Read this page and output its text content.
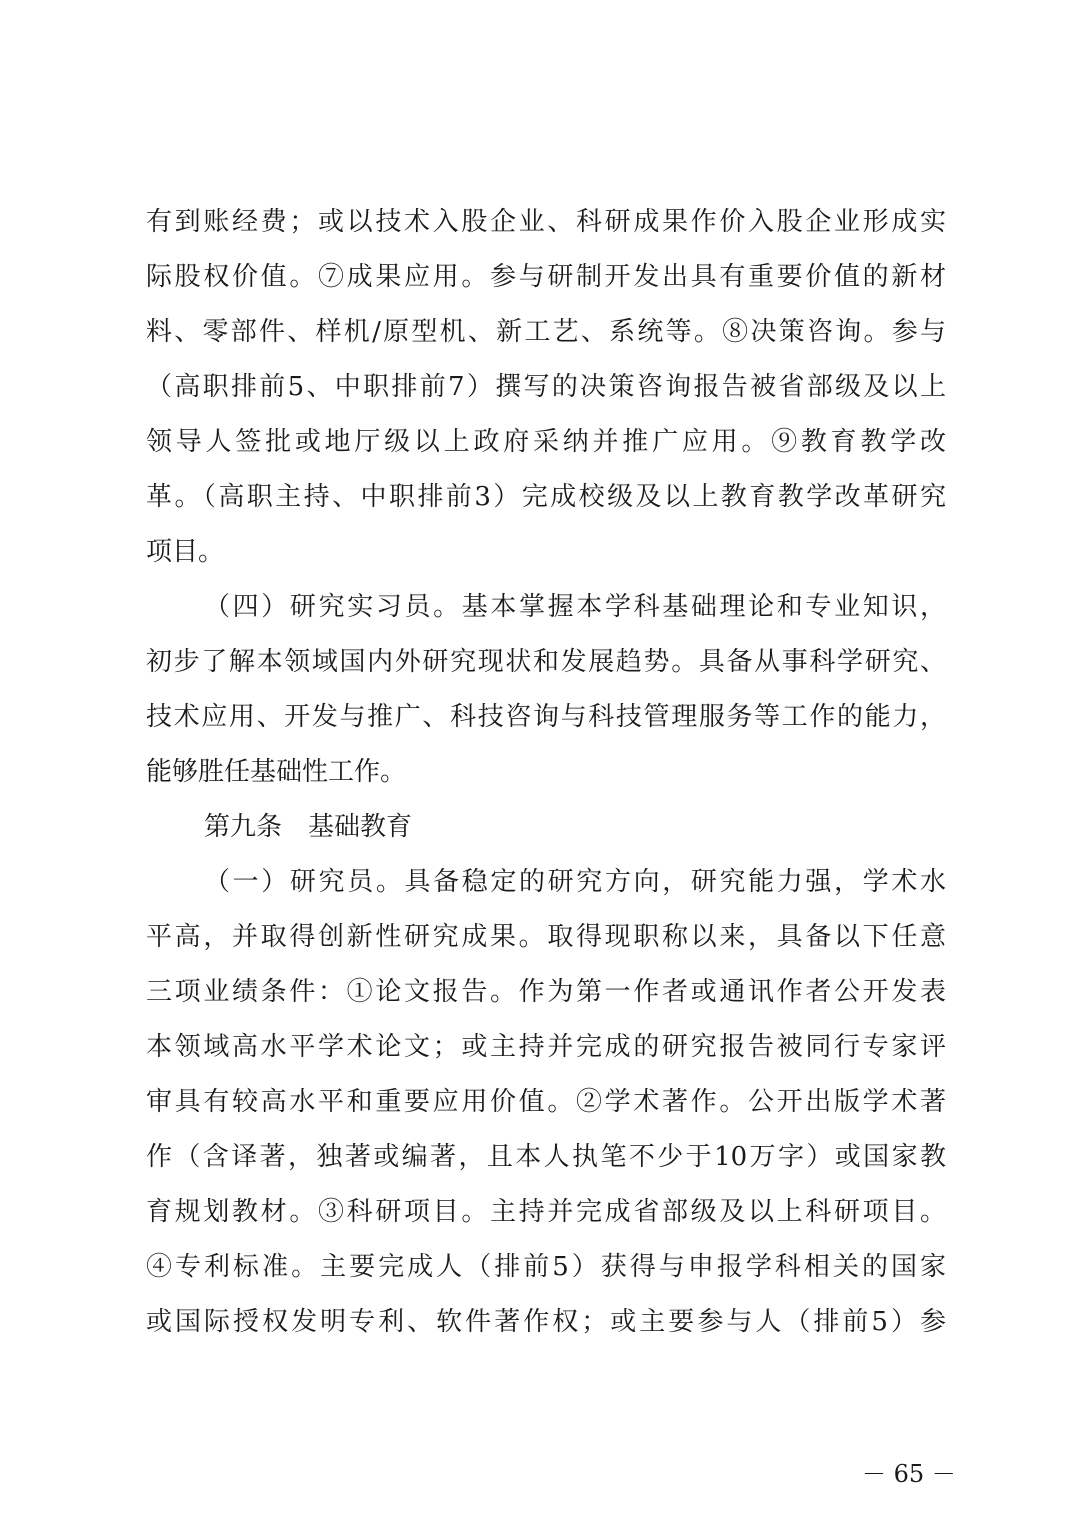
有到账经费；或以技术入股企业、科研成果作价入股企业形成实
际股权价值。⑦成果应用。参与研制开发出具有重要价值的新材
料、零部件、样机/原型机、新工艺、系统等。⑧决策咨询。参与
（高职排前5、中职排前7）撰写的决策咨询报告被省部级及以上
领导人签批或地厅级以上政府采纳并推广应用。⑨教育教学改
革。（高职主持、中职排前3）完成校级及以上教育教学改革研究
项目。
（四）研究实习员。基本掌握本学科基础理论和专业知识，
初步了解本领域国内外研究现状和发展趋势。具备从事科学研究、
技术应用、开发与推广、科技咨询与科技管理服务等工作的能力，
能够胜任基础性工作。
第九条　基础教育
（一）研究员。具备稳定的研究方向，研究能力强，学术水
平高，并取得创新性研究成果。取得现职称以来，具备以下任意
三项业绩条件：①论文报告。作为第一作者或通讯作者公开发表
本领域高水平学术论文；或主持并完成的研究报告被同行专家评
审具有较高水平和重要应用价值。②学术著作。公开出版学术著
作（含译著，独著或编著，且本人执笔不少于10万字）或国家教
育规划教材。③科研项目。主持并完成省部级及以上科研项目。
④专利标准。主要完成人（排前5）获得与申报学科相关的国家
或国际授权发明专利、软件著作权；或主要参与人（排前5）参
－ 65 －
